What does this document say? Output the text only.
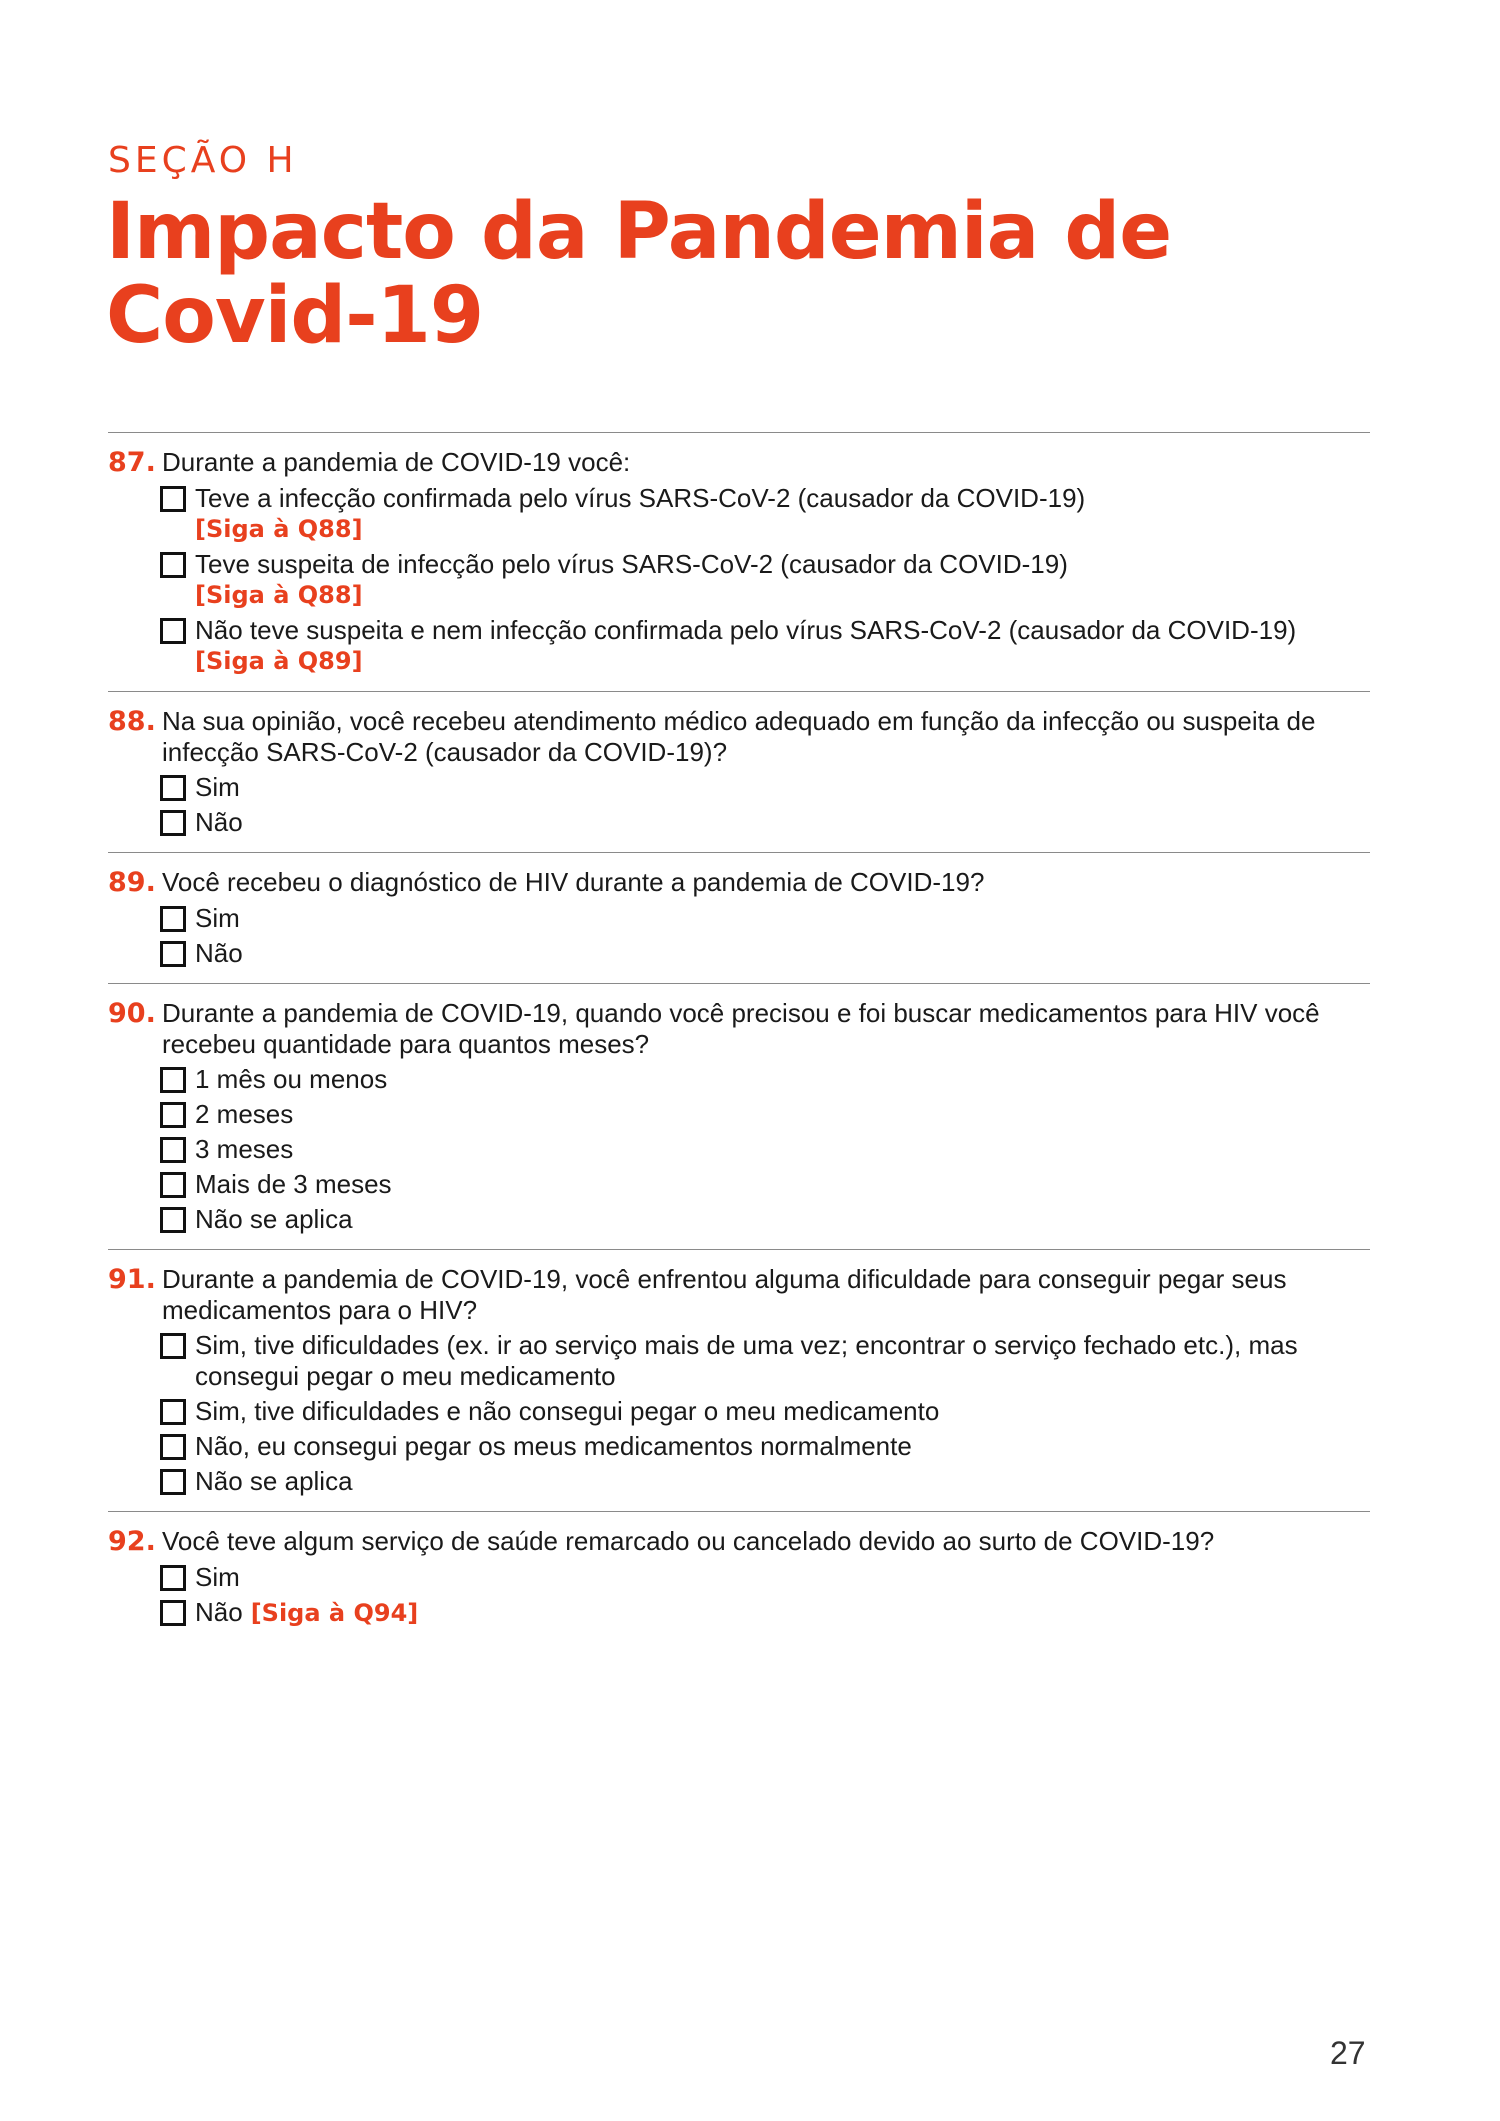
SEÇÃO H
Impacto da Pandemia de
Covid-19
87. Durante a pandemia de COVID-19 você:
Teve a infecção confirmada pelo vírus SARS-CoV-2 (causador da COVID-19)
[Siga à Q88]
Teve suspeita de infecção pelo vírus SARS-CoV-2 (causador da COVID-19)
[Siga à Q88]
Não teve suspeita e nem infecção confirmada pelo vírus SARS-CoV-2 (causador da COVID-19)
[Siga à Q89]
88. Na sua opinião, você recebeu atendimento médico adequado em função da infecção ou suspeita de infecção SARS-CoV-2 (causador da COVID-19)?
Sim
Não
89. Você recebeu o diagnóstico de HIV durante a pandemia de COVID-19?
Sim
Não
90. Durante a pandemia de COVID-19, quando você precisou e foi buscar medicamentos para HIV você recebeu quantidade para quantos meses?
1 mês ou menos
2 meses
3 meses
Mais de 3 meses
Não se aplica
91. Durante a pandemia de COVID-19, você enfrentou alguma dificuldade para conseguir pegar seus medicamentos para o HIV?
Sim, tive dificuldades (ex. ir ao serviço mais de uma vez; encontrar o serviço fechado etc.), mas consegui pegar o meu medicamento
Sim, tive dificuldades e não consegui pegar o meu medicamento
Não, eu consegui pegar os meus medicamentos normalmente
Não se aplica
92. Você teve algum serviço de saúde remarcado ou cancelado devido ao surto de COVID-19?
Sim
Não [Siga à Q94]
27
